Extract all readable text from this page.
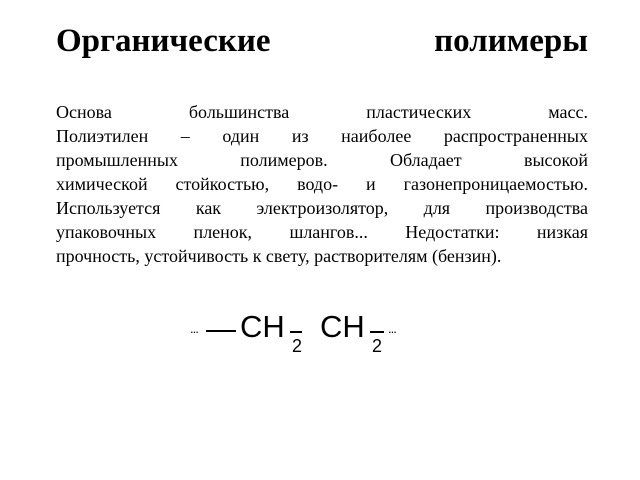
Органические	полимеры
Основа большинства пластических масс.
Полиэтилен – один из наиболее распространенных
промышленных полимеров. Обладает высокой
химической стойкостью, водо- и газонепроницаемостью.
Используется как электроизолятор, для производства
упаковочных пленок, шлангов... Недостатки: низкая
прочность, устойчивость к свету, растворителям (бензин).
... CH
2
CH
2
...
